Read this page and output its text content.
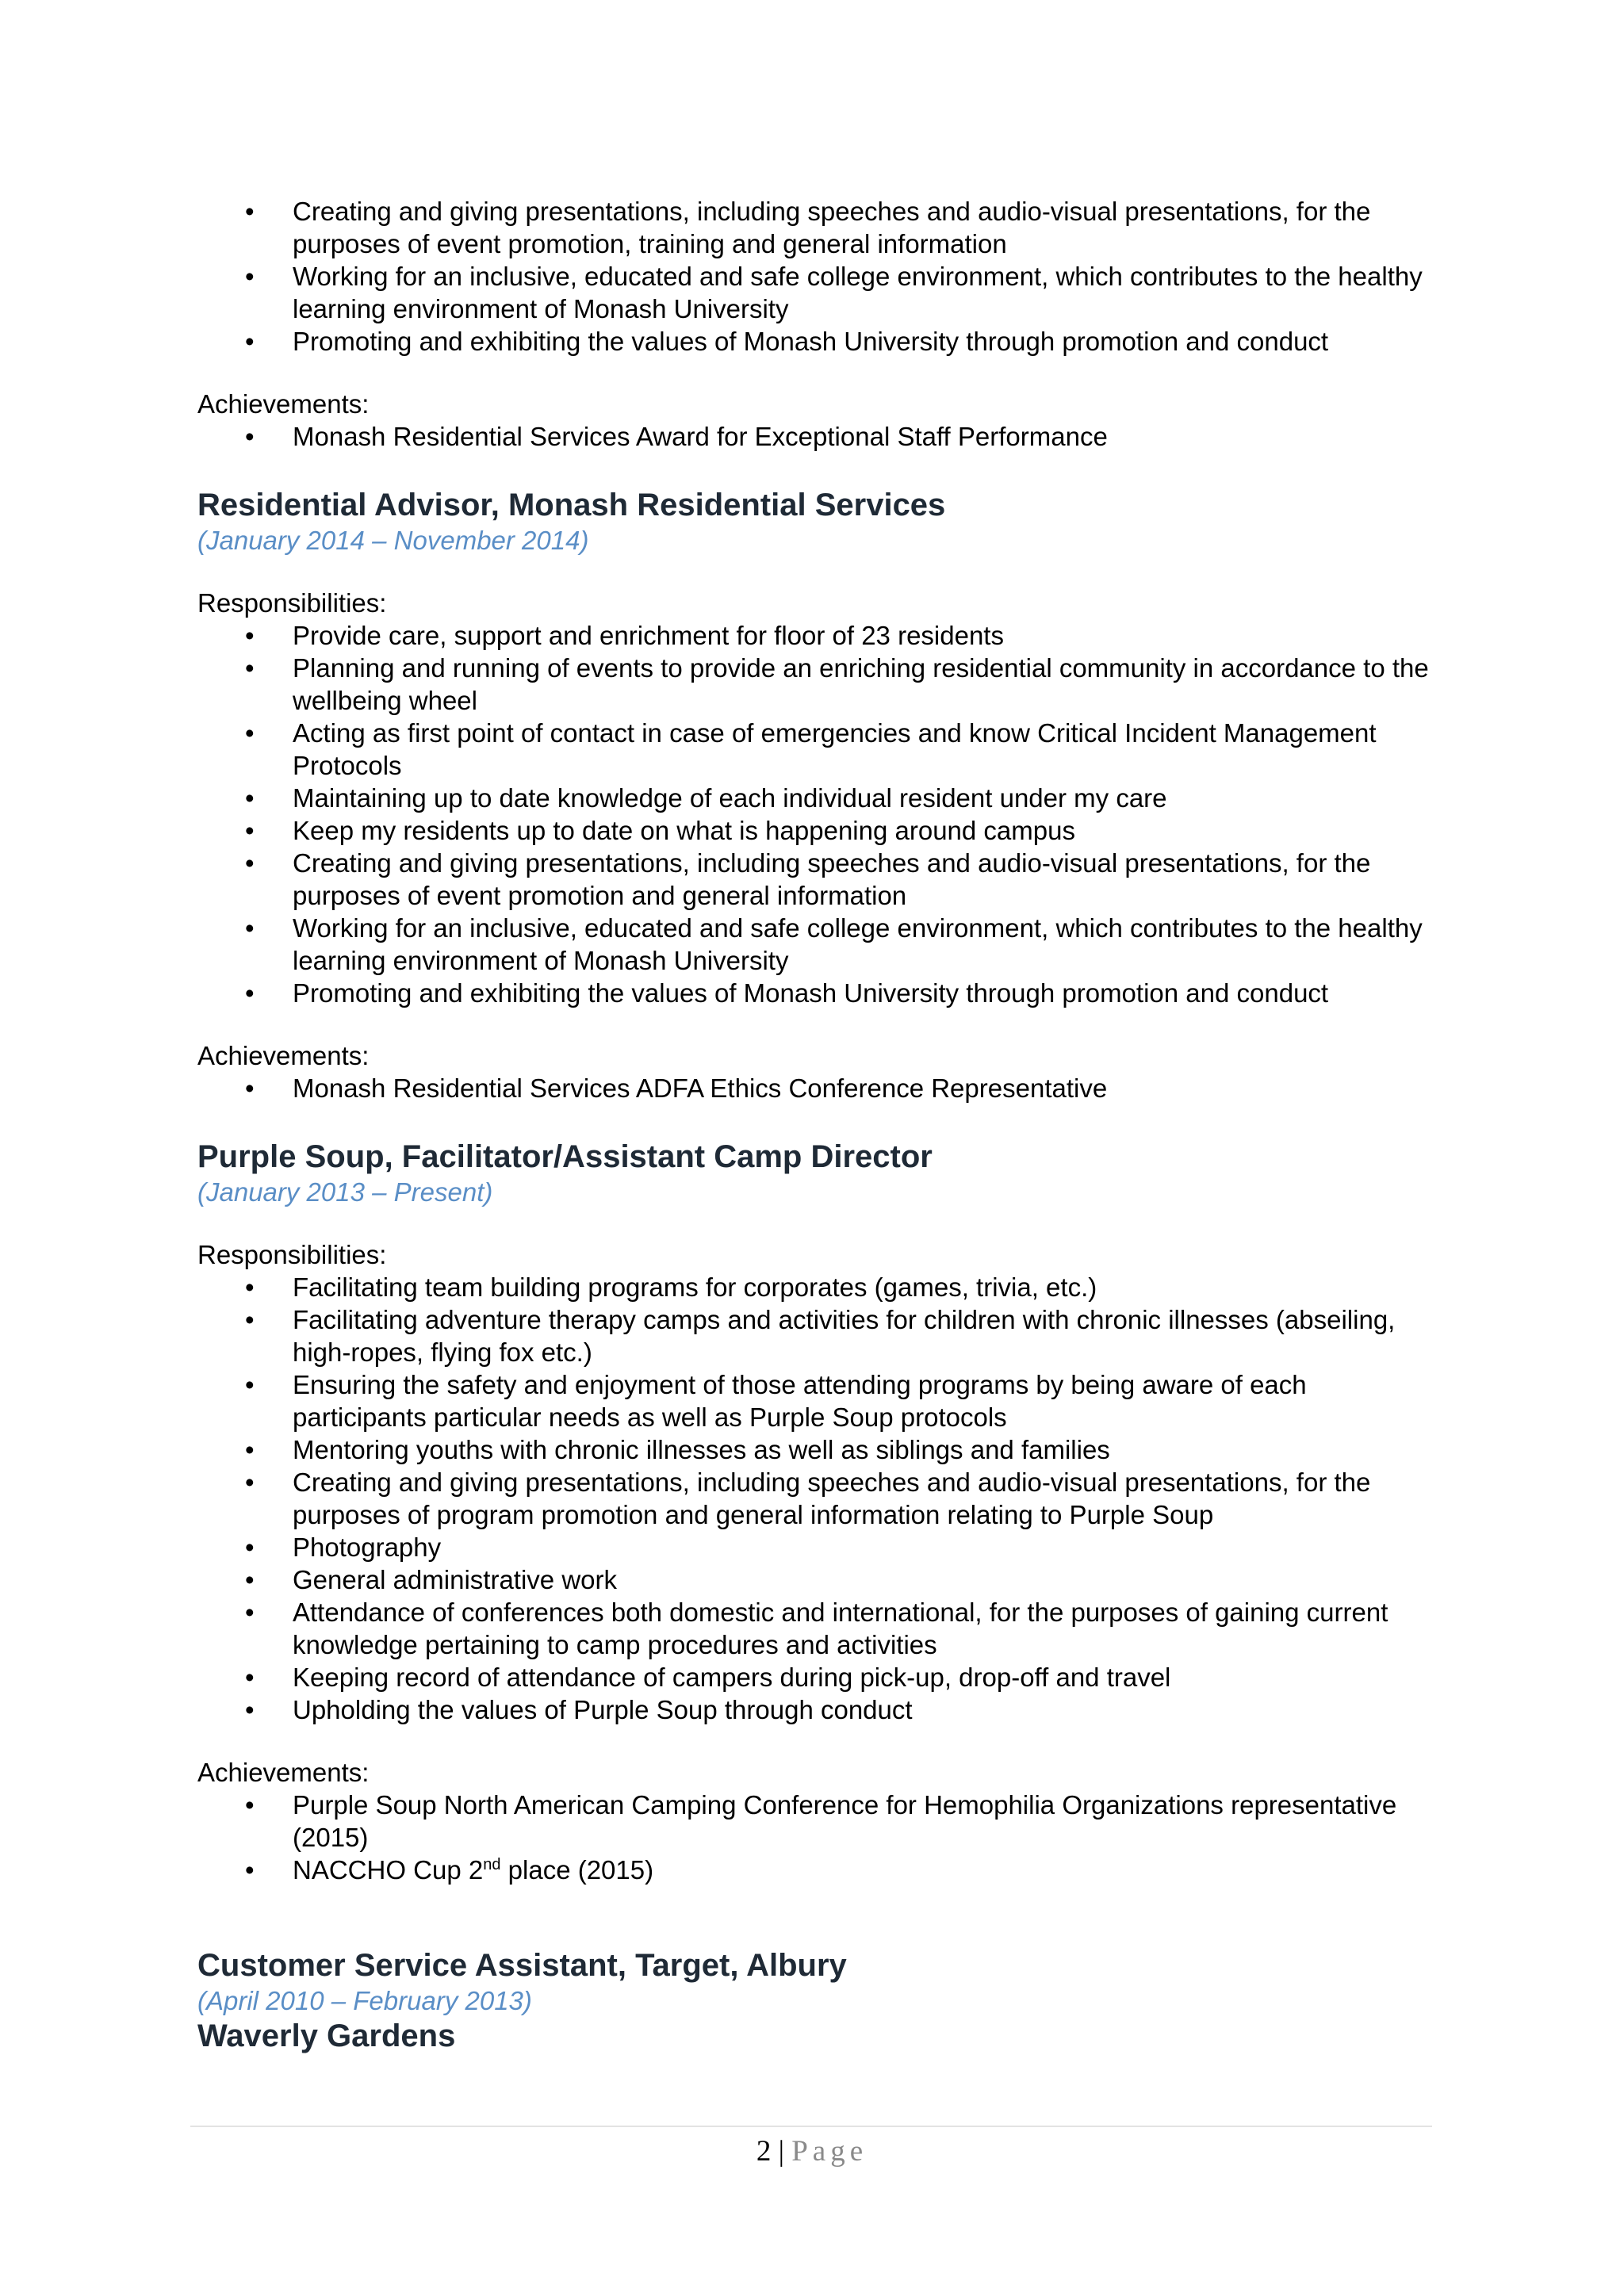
• Creating and giving presentations, including speeches and audio-visual presentations, for the purposes of event promotion, training and general information
• Working for an inclusive, educated and safe college environment, which contributes to the healthy learning environment of Monash University
• Promoting and exhibiting the values of Monash University through promotion and conduct
Achievements:
• Monash Residential Services Award for Exceptional Staff Performance
Residential Advisor, Monash Residential Services
(January 2014 – November 2014)
Responsibilities:
• Provide care, support and enrichment for floor of 23 residents
• Planning and running of events to provide an enriching residential community in accordance to the wellbeing wheel
• Acting as first point of contact in case of emergencies and know Critical Incident Management Protocols
• Maintaining up to date knowledge of each individual resident under my care
• Keep my residents up to date on what is happening around campus
• Creating and giving presentations, including speeches and audio-visual presentations, for the purposes of event promotion and general information
• Working for an inclusive, educated and safe college environment, which contributes to the healthy learning environment of Monash University
• Promoting and exhibiting the values of Monash University through promotion and conduct
Achievements:
• Monash Residential Services ADFA Ethics Conference Representative
Purple Soup, Facilitator/Assistant Camp Director
(January 2013 – Present)
Responsibilities:
• Facilitating team building programs for corporates (games, trivia, etc.)
• Facilitating adventure therapy camps and activities for children with chronic illnesses (abseiling, high-ropes, flying fox etc.)
• Ensuring the safety and enjoyment of those attending programs by being aware of each participants particular needs as well as Purple Soup protocols
• Mentoring youths with chronic illnesses as well as siblings and families
• Creating and giving presentations, including speeches and audio-visual presentations, for the purposes of program promotion and general information relating to Purple Soup
• Photography
• General administrative work
• Attendance of conferences both domestic and international, for the purposes of gaining current knowledge pertaining to camp procedures and activities
• Keeping record of attendance of campers during pick-up, drop-off and travel
• Upholding the values of Purple Soup through conduct
Achievements:
• Purple Soup North American Camping Conference for Hemophilia Organizations representative (2015)
• NACCHO Cup 2nd place (2015)
Customer Service Assistant, Target, Albury
(April 2010 – February 2013)
Waverly Gardens
2 | Page
